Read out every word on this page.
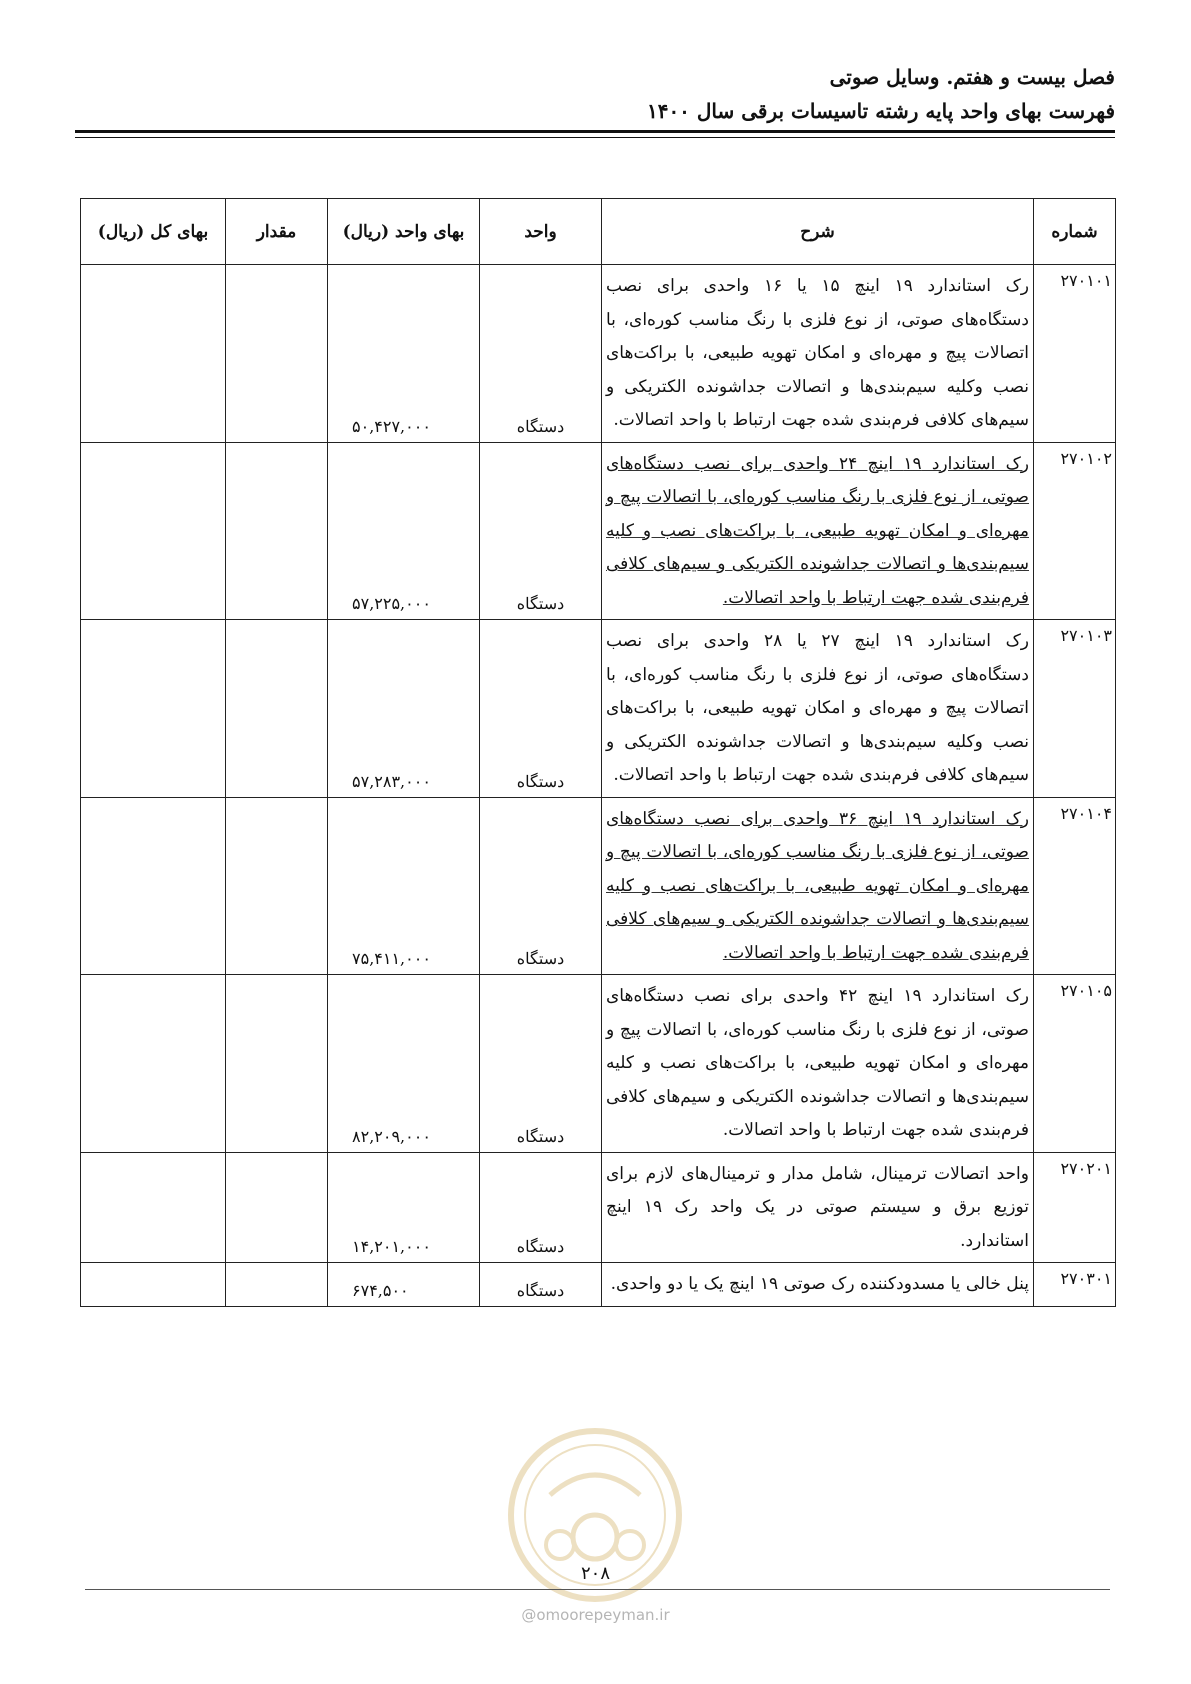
فصل بیست و هفتم. وسایل صوتی
فهرست بهای واحد پایه رشته تاسیسات برقی سال ۱۴۰۰
شماره	شرح	واحد	بهای واحد (ریال)	مقدار	بهای کل (ریال)
۲۷۰۱۰۱	رک استاندارد ۱۹ اینچ ۱۵ یا ۱۶ واحدی برای نصب دستگاه‌های صوتی، از نوع فلزی با رنگ مناسب کوره‌ای، با اتصالات پیچ و مهره‌ای و امکان تهویه طبیعی، با براکت‌های نصب وکلیه سیم‌بندی‌ها و اتصالات جداشونده الکتریکی و سیم‌های کلافی فرم‌بندی شده جهت ارتباط با واحد اتصالات.	دستگاه	۵۰,۴۲۷,۰۰۰		
۲۷۰۱۰۲	رک استاندارد ۱۹ اینچ ۲۴ واحدی برای نصب دستگاه‌های صوتی، از نوع فلزی با رنگ مناسب کوره‌ای، با اتصالات پیچ و مهره‌ای و امکان تهویه طبیعی، با براکت‌های نصب و کلیه سیم‌بندی‌ها و اتصالات جداشونده الکتریکی و سیم‌های کلافی فرم‌بندی شده جهت ارتباط با واحد اتصالات.	دستگاه	۵۷,۲۲۵,۰۰۰		
۲۷۰۱۰۳	رک استاندارد ۱۹ اینچ ۲۷ یا ۲۸ واحدی برای نصب دستگاه‌های صوتی، از نوع فلزی با رنگ مناسب کوره‌ای، با اتصالات پیچ و مهره‌ای و امکان تهویه طبیعی، با براکت‌های نصب وکلیه سیم‌بندی‌ها و اتصالات جداشونده الکتریکی و سیم‌های کلافی فرم‌بندی شده جهت ارتباط با واحد اتصالات.	دستگاه	۵۷,۲۸۳,۰۰۰		
۲۷۰۱۰۴	رک استاندارد ۱۹ اینچ ۳۶ واحدی برای نصب دستگاه‌های صوتی، از نوع فلزی با رنگ مناسب کوره‌ای، با اتصالات پیچ و مهره‌ای و امکان تهویه طبیعی، با براکت‌های نصب و کلیه سیم‌بندی‌ها و اتصالات جداشونده الکتریکی و سیم‌های کلافی فرم‌بندی شده جهت ارتباط با واحد اتصالات.	دستگاه	۷۵,۴۱۱,۰۰۰		
۲۷۰۱۰۵	رک استاندارد ۱۹ اینچ ۴۲ واحدی برای نصب دستگاه‌های صوتی، از نوع فلزی با رنگ مناسب کوره‌ای، با اتصالات پیچ و مهره‌ای و امکان تهویه طبیعی، با براکت‌های نصب و کلیه سیم‌بندی‌ها و اتصالات جداشونده الکتریکی و سیم‌های کلافی فرم‌بندی شده جهت ارتباط با واحد اتصالات.	دستگاه	۸۲,۲۰۹,۰۰۰		
۲۷۰۲۰۱	واحد اتصالات ترمینال، شامل مدار و ترمینال‌های لازم برای توزیع برق و سیستم صوتی در یک واحد رک ۱۹ اینچ استاندارد.	دستگاه	۱۴,۲۰۱,۰۰۰		
۲۷۰۳۰۱	پنل خالی یا مسدودکننده رک صوتی ۱۹ اینچ یک یا دو واحدی.	دستگاه	۶۷۴,۵۰۰		
۲۰۸
@omoorepeyman.ir
